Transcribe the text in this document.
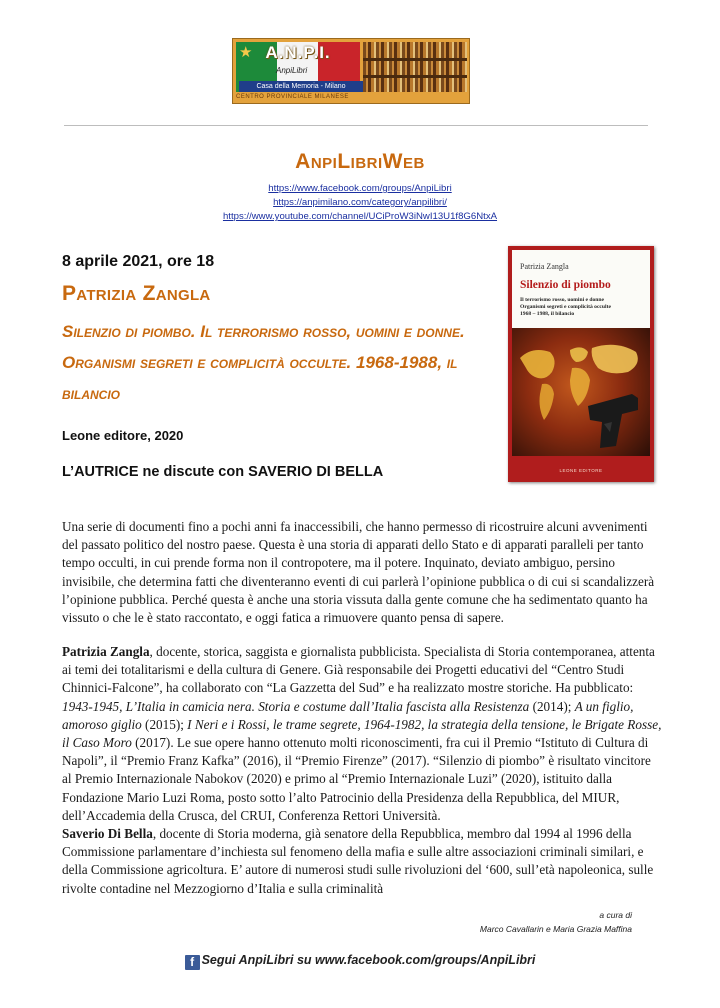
★ A.N.P.I.
AnpiLibri
Casa della Memoria - Milano
CENTRO PROVINCIALE MILANESE
AnpiLibriWeb
https://www.facebook.com/groups/AnpiLibri
https://anpimilano.com/category/anpilibri/
https://www.youtube.com/channel/UCiProW3iNwI13U1f8G6NtxA
8 aprile 2021, ore 18
Patrizia Zangla
Silenzio di piombo. Il terrorismo rosso, uomini e donne. Organismi segreti e complicità occulte. 1968-1988, il bilancio
Leone editore, 2020
L’AUTRICE ne discute con SAVERIO DI BELLA
Patrizia Zangla
Silenzio di piombo
Il terrorismo rosso, uomini e donne
Organismi segreti e complicità occulte
1968 – 1988, il bilancio
LEONE EDITORE
Una serie di documenti fino a pochi anni fa inaccessibili, che hanno permesso di ricostruire alcuni avvenimenti del passato politico del nostro paese. Questa è una storia di apparati dello Stato e di apparati paralleli per tanto tempo occulti, in cui prende forma non il contropotere, ma il potere. Inquinato, deviato ambiguo, persino invisibile, che determina fatti che diventeranno eventi di cui parlerà l’opinione pubblica o di cui si scandalizzerà l’opinione pubblica. Perché questa è anche una storia vissuta dalla gente comune che ha sedimentato quanto ha vissuto o che le è stato raccontato, e oggi fatica a rimuovere quanto pensa di sapere.

Patrizia Zangla, docente, storica, saggista e giornalista pubblicista. Specialista di Storia contemporanea, attenta ai temi dei totalitarismi e della cultura di Genere. Già responsabile dei Progetti educativi del “Centro Studi Chinnici-Falcone”, ha collaborato con “La Gazzetta del Sud” e ha realizzato mostre storiche. Ha pubblicato: 1943-1945, L’Italia in camicia nera. Storia e costume dall’Italia fascista alla Resistenza (2014); A un figlio, amoroso giglio (2015); I Neri e i Rossi, le trame segrete, 1964-1982, la strategia della tensione, le Brigate Rosse, il Caso Moro (2017). Le sue opere hanno ottenuto molti riconoscimenti, fra cui il Premio “Istituto di Cultura di Napoli”, il “Premio Franz Kafka” (2016), il “Premio Firenze” (2017). “Silenzio di piombo” è risultato vincitore al Premio Internazionale Nabokov (2020) e primo al “Premio Internazionale Luzi” (2020), istituito dalla Fondazione Mario Luzi Roma, posto sotto l’alto Patrocinio della Presidenza della Repubblica, del MIUR, dell’Accademia della Crusca, del CRUI, Conferenza Rettori Università.

Saverio Di Bella, docente di Storia moderna, già senatore della Repubblica, membro dal 1994 al 1996 della Commissione parlamentare d’inchiesta sul fenomeno della mafia e sulle altre associazioni criminali similari, e della Commissione agricoltura. E’ autore di numerosi studi sulle rivoluzioni del ‘600, sull’età napoleonica, sulle rivolte contadine nel Mezzogiorno d’Italia e sulla criminalità

a cura di
Marco Cavallarin e Maria Grazia Maffina
f Segui AnpiLibri su www.facebook.com/groups/AnpiLibri
